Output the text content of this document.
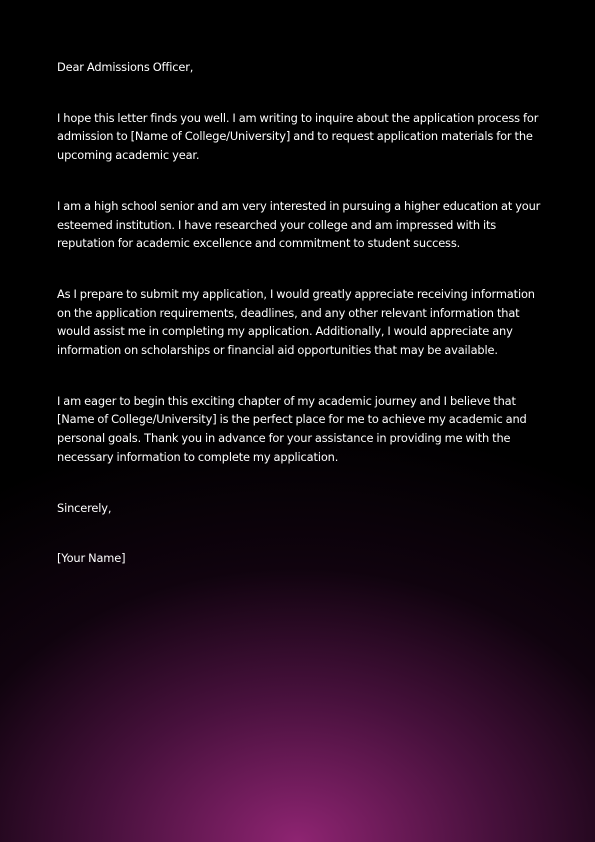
Dear Admissions Officer,

I hope this letter finds you well. I am writing to inquire about the application process for admission to [Name of College/University] and to request application materials for the upcoming academic year.

I am a high school senior and am very interested in pursuing a higher education at your esteemed institution. I have researched your college and am impressed with its reputation for academic excellence and commitment to student success.

As I prepare to submit my application, I would greatly appreciate receiving information on the application requirements, deadlines, and any other relevant information that would assist me in completing my application. Additionally, I would appreciate any information on scholarships or financial aid opportunities that may be available.

I am eager to begin this exciting chapter of my academic journey and I believe that [Name of College/University] is the perfect place for me to achieve my academic and personal goals. Thank you in advance for your assistance in providing me with the necessary information to complete my application.

Sincerely,

[Your Name]
